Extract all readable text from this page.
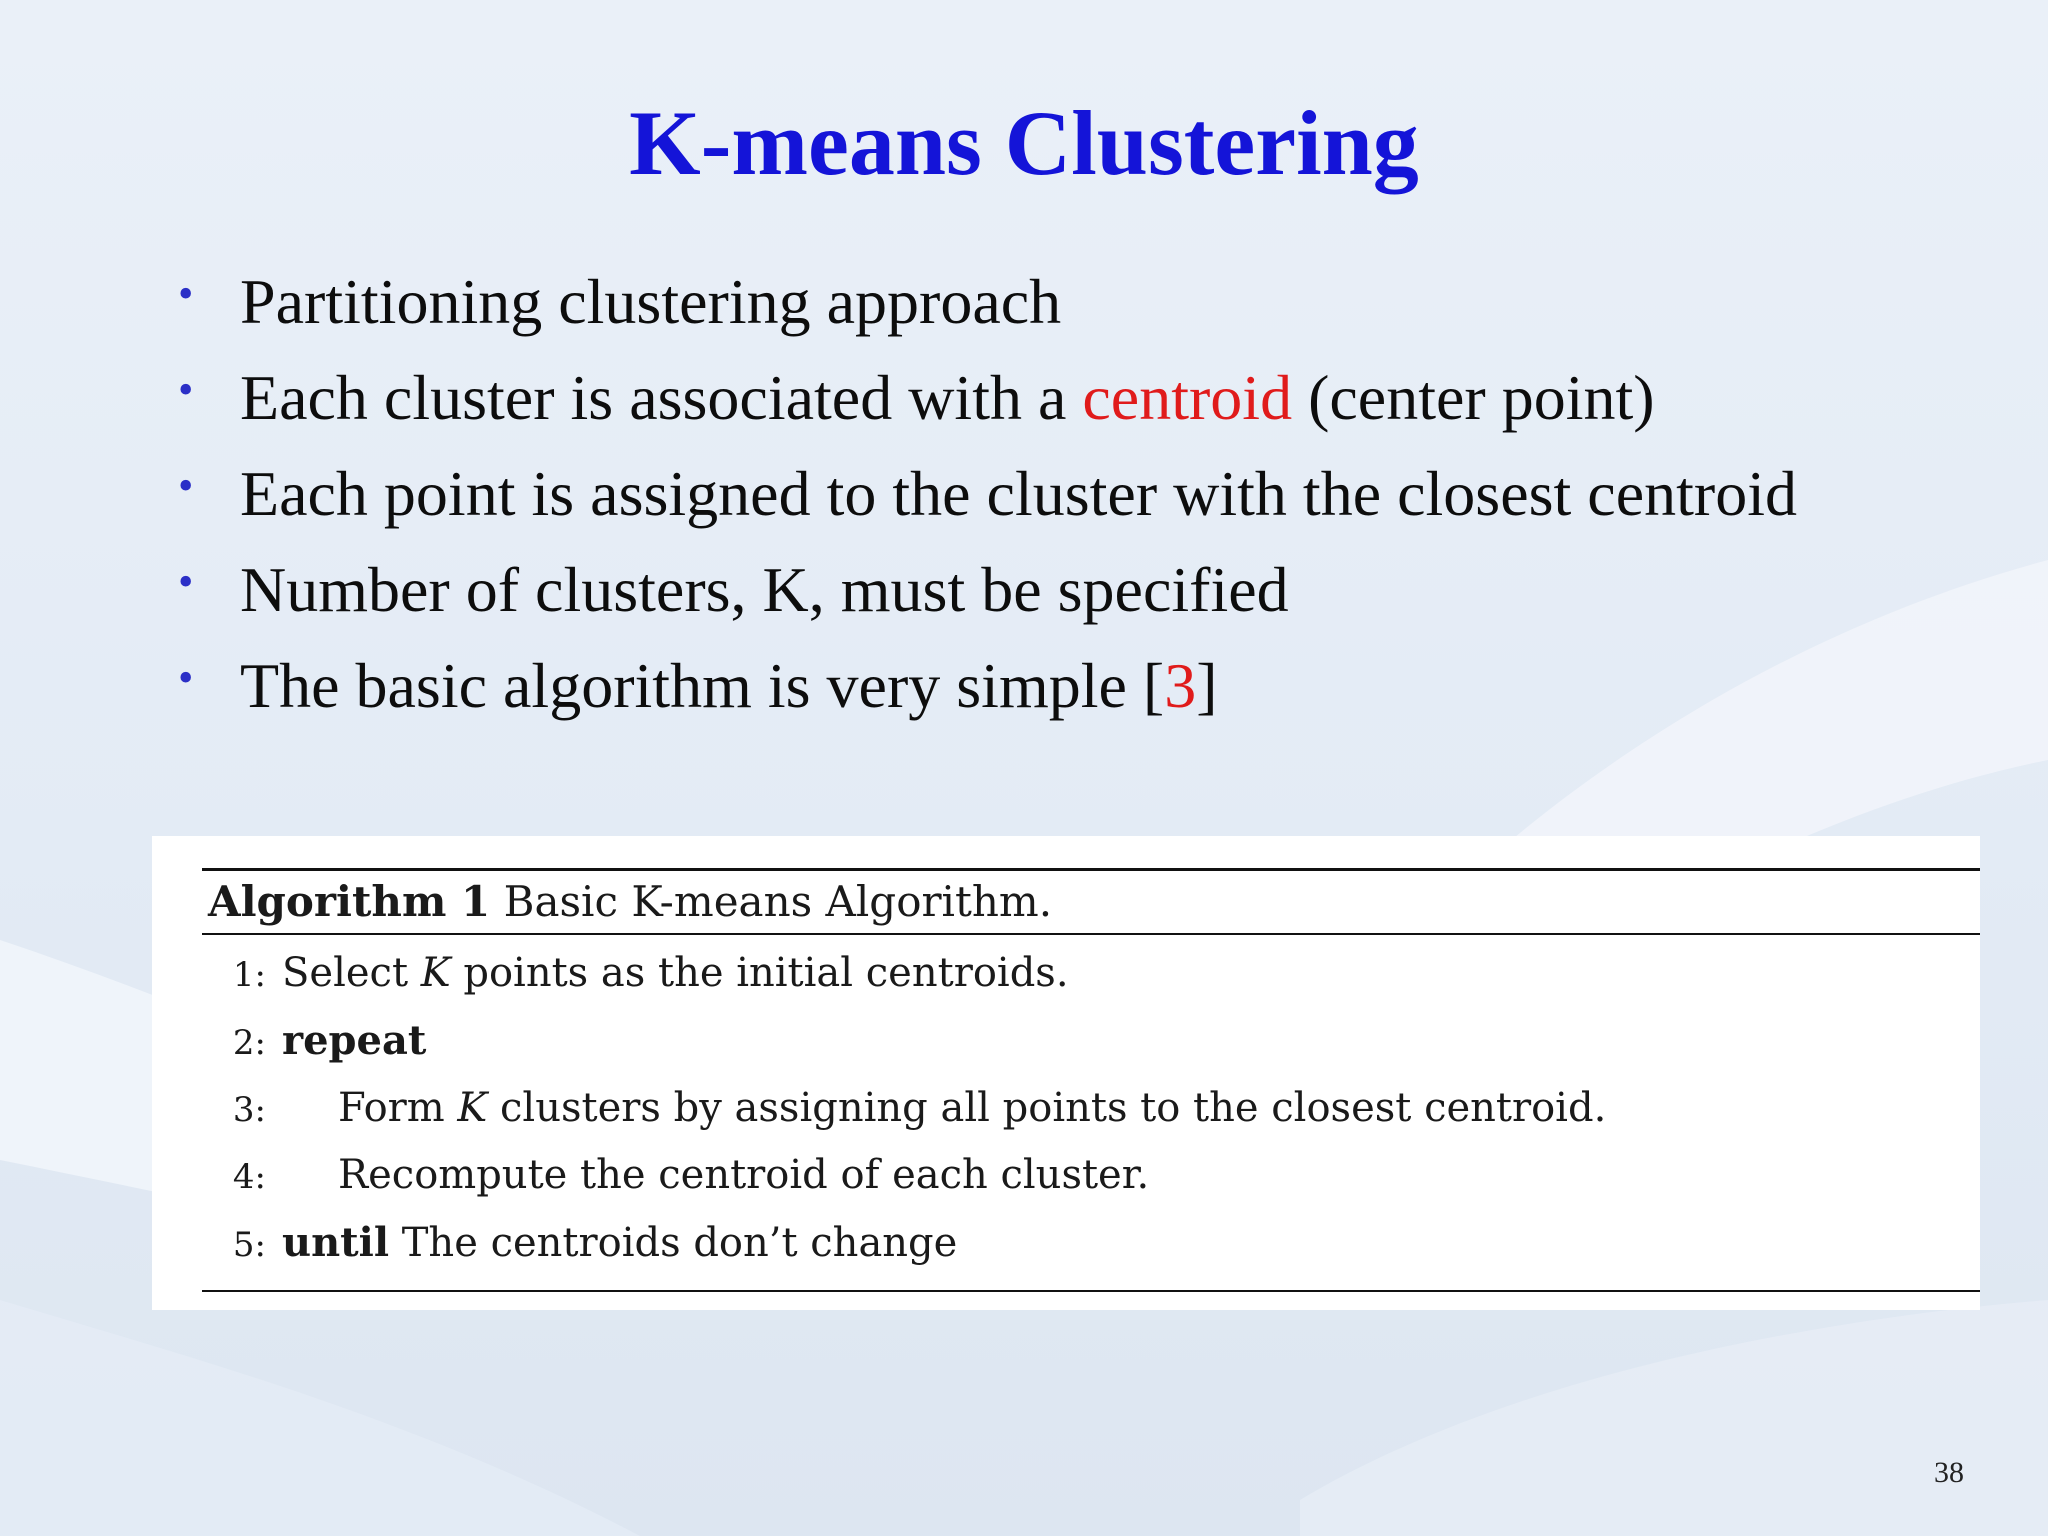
K-means Clustering
• Partitioning clustering approach
• Each cluster is associated with a centroid (center point)
• Each point is assigned to the cluster with the closest centroid
• Number of clusters, K, must be specified
• The basic algorithm is very simple [3]
Algorithm 1 Basic K-means Algorithm.
1: Select K points as the initial centroids.
2: repeat
3: Form K clusters by assigning all points to the closest centroid.
4: Recompute the centroid of each cluster.
5: until The centroids don’t change
38
